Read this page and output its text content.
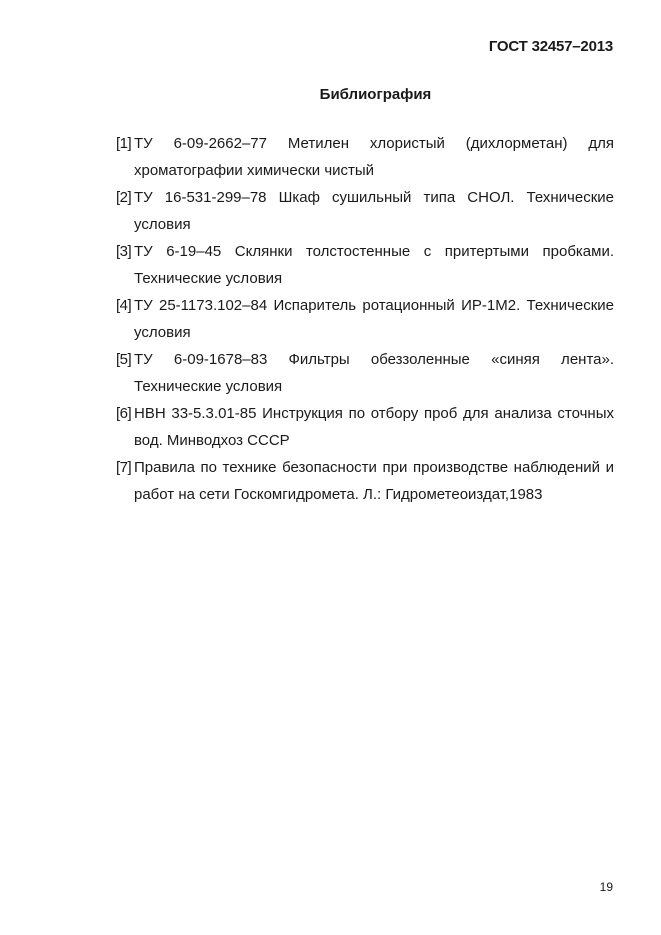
ГОСТ 32457–2013
Библиография
[1] ТУ 6-09-2662–77 Метилен хлористый (дихлорметан) для хроматографии химически чистый
[2] ТУ 16-531-299–78 Шкаф сушильный типа СНОЛ. Технические условия
[3] ТУ 6-19–45 Склянки толстостенные с притертыми пробками. Технические условия
[4] ТУ 25-1173.102–84 Испаритель ротационный ИР-1М2. Технические условия
[5] ТУ 6-09-1678–83 Фильтры обеззоленные «синяя лента». Технические условия
[6] НВН 33-5.3.01-85 Инструкция по отбору проб для анализа сточных вод. Минводхоз СССР
[7] Правила по технике безопасности при производстве наблюдений и работ на сети Госкомгидромета. Л.: Гидрометеоиздат,1983
19
